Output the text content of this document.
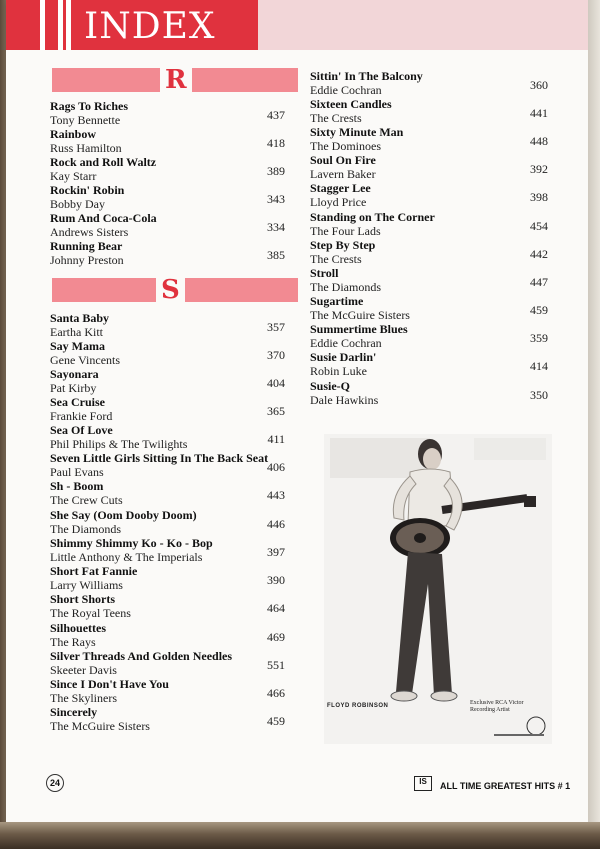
INDEX
R
S
Rags To Riches
Tony Bennette	437
Rainbow
Russ Hamilton	418
Rock and Roll Waltz
Kay Starr	389
Rockin' Robin
Bobby Day	343
Rum And Coca-Cola
Andrews Sisters	334
Running Bear
Johnny Preston	385
Santa Baby
Eartha Kitt	357
Say Mama
Gene Vincents	370
Sayonara
Pat Kirby	404
Sea Cruise
Frankie Ford	365
Sea Of Love
Phil Philips & The Twilights	411
Seven Little Girls Sitting In The Back Seat
Paul Evans	406
Sh - Boom
The Crew Cuts	443
She Say (Oom Dooby Doom)
The Diamonds	446
Shimmy Shimmy Ko - Ko - Bop
Little Anthony & The Imperials	397
Short Fat Fannie
Larry Williams	390
Short Shorts
The Royal Teens	464
Silhouettes
The Rays	469
Silver Threads And Golden Needles
Skeeter Davis	551
Since I Don't Have You
The Skyliners	466
Sincerely
The McGuire Sisters	459
Sittin' In The Balcony
Eddie Cochran	360
Sixteen Candles
The Crests	441
Sixty Minute Man
The Dominoes	448
Soul On Fire
Lavern Baker	392
Stagger Lee
Lloyd Price	398
Standing on The Corner
The Four Lads	454
Step By Step
The Crests	442
Stroll
The Diamonds	447
Sugartime
The McGuire Sisters	459
Summertime Blues
Eddie Cochran	359
Susie Darlin'
Robin Luke	414
Susie-Q
Dale Hawkins	350
FLOYD ROBINSON	Exclusive RCA Victor
Recording Artist
24	IS	ALL TIME GREATEST HITS # 1
